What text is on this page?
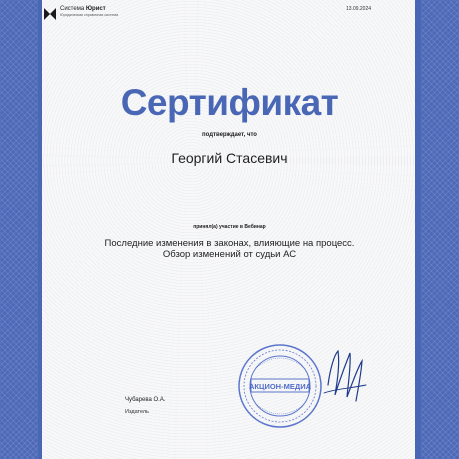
Система Юрист
Юридическая справочная система
13.09.2024
Сертификат
подтверждает, что
Георгий Стасевич
принял(а) участие в Вебинар
Последние изменения в законах, влияющие на процесс.
Обзор изменений от судьи АС
АКЦИОН-МЕДИА
Чубарева О.А.
Издатель
